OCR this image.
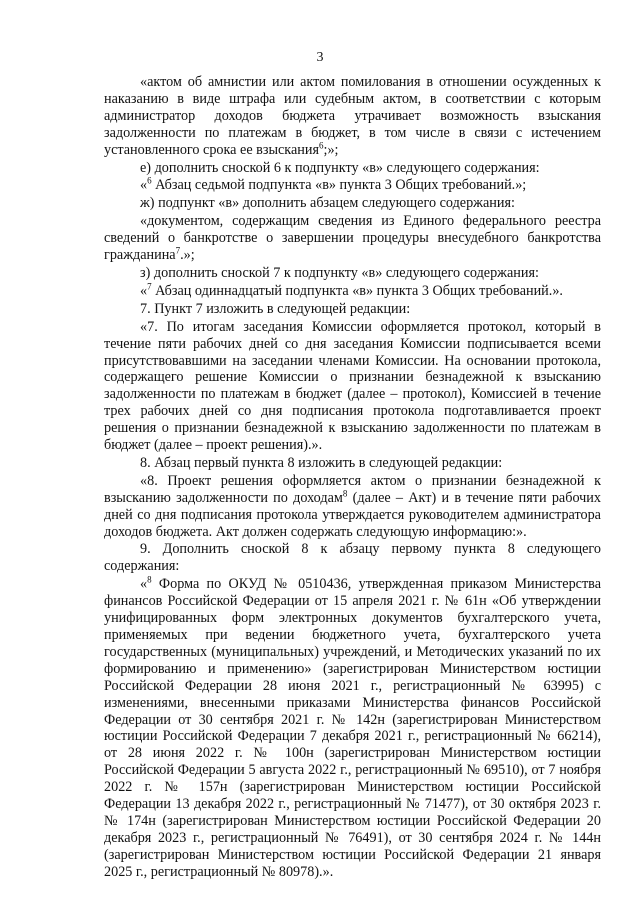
3

«актом об амнистии или актом помилования в отношении осужденных к наказанию в виде штрафа или судебным актом, в соответствии с которым администратор доходов бюджета утрачивает возможность взыскания задолженности по платежам в бюджет, в том числе в связи с истечением установленного срока ее взыскания$^6$;»;

е) дополнить сноской 6 к подпункту «в» следующего содержания:

«$^6$ Абзац седьмой подпункта «в» пункта 3 Общих требований.»;

ж) подпункт «в» дополнить абзацем следующего содержания:

«документом, содержащим сведения из Единого федерального реестра сведений о банкротстве о завершении процедуры внесудебного банкротства гражданина$^7$.»;

з) дополнить сноской 7 к подпункту «в» следующего содержания:

«$^7$ Абзац одиннадцатый подпункта «в» пункта 3 Общих требований.».

7. Пункт 7 изложить в следующей редакции:

«7. По итогам заседания Комиссии оформляется протокол, который в течение пяти рабочих дней со дня заседания Комиссии подписывается всеми присутствовавшими на заседании членами Комиссии. На основании протокола, содержащего решение Комиссии о признании безнадежной к взысканию задолженности по платежам в бюджет (далее – протокол), Комиссией в течение трех рабочих дней со дня подписания протокола подготавливается проект решения о признании безнадежной к взысканию задолженности по платежам в бюджет (далее – проект решения).».

8. Абзац первый пункта 8 изложить в следующей редакции:

«8. Проект решения оформляется актом о признании безнадежной к взысканию задолженности по доходам$^8$ (далее – Акт) и в течение пяти рабочих дней со дня подписания протокола утверждается руководителем администратора доходов бюджета. Акт должен содержать следующую информацию:».

9. Дополнить сноской 8 к абзацу первому пункта 8 следующего содержания:

«$^8$ Форма по ОКУД № 0510436, утвержденная приказом Министерства финансов Российской Федерации от 15 апреля 2021 г. № 61н «Об утверждении унифицированных форм электронных документов бухгалтерского учета, применяемых при ведении бюджетного учета, бухгалтерского учета государственных (муниципальных) учреждений, и Методических указаний по их формированию и применению» (зарегистрирован Министерством юстиции Российской Федерации 28 июня 2021 г., регистрационный № 63995) с изменениями, внесенными приказами Министерства финансов Российской Федерации от 30 сентября 2021 г. № 142н (зарегистрирован Министерством юстиции Российской Федерации 7 декабря 2021 г., регистрационный № 66214), от 28 июня 2022 г. № 100н (зарегистрирован Министерством юстиции Российской Федерации 5 августа 2022 г., регистрационный № 69510), от 7 ноября 2022 г. № 157н (зарегистрирован Министерством юстиции Российской Федерации 13 декабря 2022 г., регистрационный № 71477), от 30 октября 2023 г. № 174н (зарегистрирован Министерством юстиции Российской Федерации 20 декабря 2023 г., регистрационный № 76491), от 30 сентября 2024 г. № 144н (зарегистрирован Министерством юстиции Российской Федерации 21 января 2025 г., регистрационный № 80978).».
